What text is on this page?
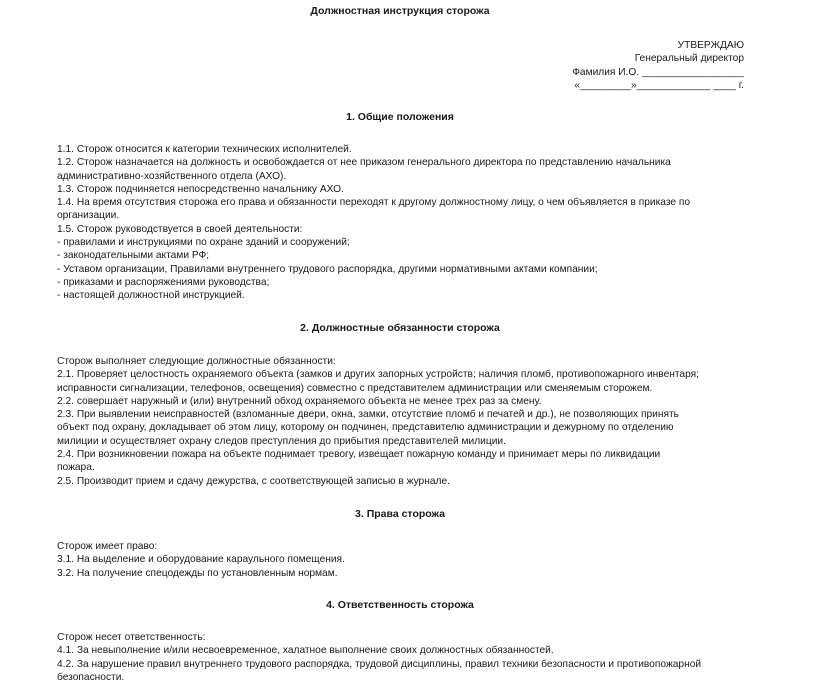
Должностная инструкция сторожа
УТВЕРЖДАЮ
Генеральный директор
Фамилия И.О. __________________
«_________»_____________ ____ г.
1. Общие положения
1.1. Сторож относится к категории технических исполнителей.
1.2. Сторож назначается на должность и освобождается от нее приказом генерального директора по представлению начальника
административно-хозяйственного отдела (АХО).
1.3. Сторож подчиняется непосредственно начальнику АХО.
1.4. На время отсутствия сторожа его права и обязанности переходят к другому должностному лицу, о чем объявляется в приказе по
организации.
1.5. Сторож руководствуется в своей деятельности:
- правилами и инструкциями по охране зданий и сооружений;
- законодательными актами РФ;
- Уставом организации, Правилами внутреннего трудового распорядка, другими нормативными актами компании;
- приказами и распоряжениями руководства;
- настоящей должностной инструкцией.
2. Должностные обязанности сторожа
Сторож выполняет следующие должностные обязанности:
2.1. Проверяет целостность охраняемого объекта (замков и других запорных устройств; наличия пломб, противопожарного инвентаря;
исправности сигнализации, телефонов, освещения) совместно с представителем администрации или сменяемым сторожем.
2.2. совершает наружный и (или) внутренний обход охраняемого объекта не менее трех раз за смену.
2.3. При выявлении неисправностей (взломанные двери, окна, замки, отсутствие пломб и печатей и др.), не позволяющих принять
объект под охрану, докладывает об этом лицу, которому он подчинен, представителю администрации и дежурному по отделению
милиции и осуществляет охрану следов преступления до прибытия представителей милиции.
2.4. При возникновении пожара на объекте поднимает тревогу, извещает пожарную команду и принимает меры по ликвидации
пожара.
2.5. Производит прием и сдачу дежурства, с соответствующей записью в журнале.
3. Права сторожа
Сторож имеет право:
3.1. На выделение и оборудование караульного помещения.
3.2. На получение спецодежды по установленным нормам.
4. Ответственность сторожа
Сторож несет ответственность:
4.1. За невыполнение и/или несвоевременное, халатное выполнение своих должностных обязанностей.
4.2. За нарушение правил внутреннего трудового распорядка, трудовой дисциплины, правил техники безопасности и противопожарной
безопасности.
